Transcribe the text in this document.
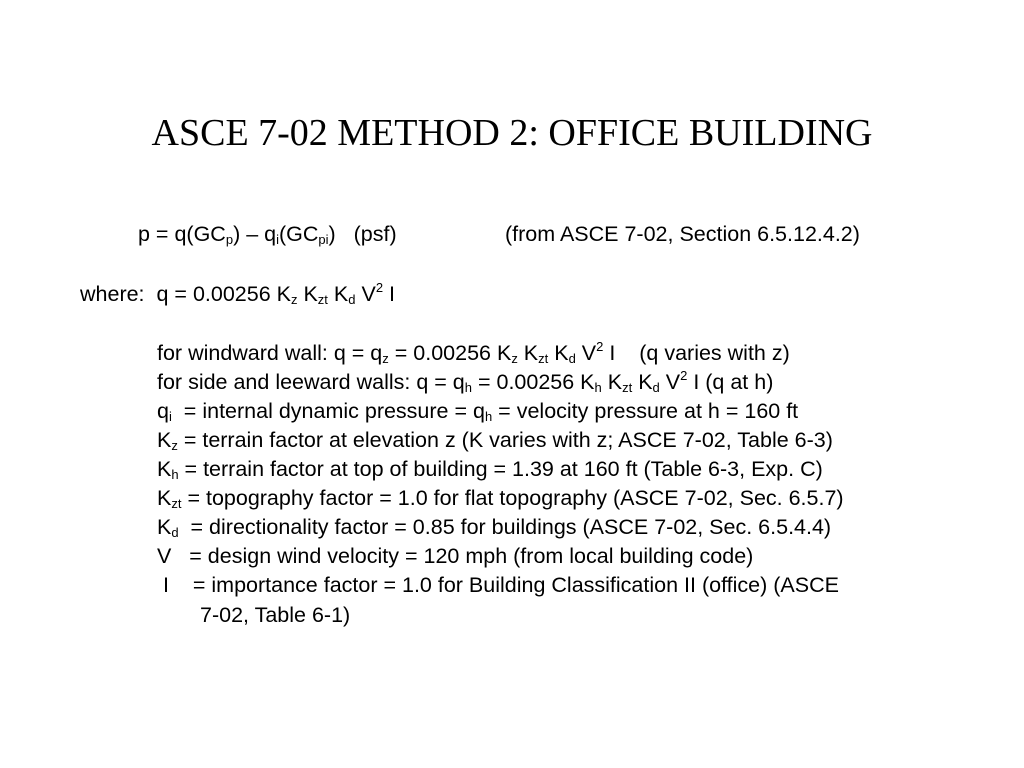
ASCE 7-02 METHOD 2: OFFICE BUILDING
$p = q(GC_p) - q_i(GC_{pi})$   (psf)	(from ASCE 7-02, Section 6.5.12.4.2)
where:  q = 0.00256 $K_z$ $K_{zt}$ $K_d$ $V^2$ I
for windward wall: $q = q_z = 0.00256$ $K_z$ $K_{zt}$ $K_d$ $V^2$ I    (q varies with z)
for side and leeward walls: $q = q_h = 0.00256$ $K_h$ $K_{zt}$ $K_d$ $V^2$ I (q at h)
$q_i$  = internal dynamic pressure = $q_h$ = velocity pressure at h = 160 ft
$K_z$ = terrain factor at elevation z (K varies with z; ASCE 7-02, Table 6-3)
$K_h$ = terrain factor at top of building = 1.39 at 160 ft (Table 6-3, Exp. C)
$K_{zt}$ = topography factor = 1.0 for flat topography (ASCE 7-02, Sec. 6.5.7)
$K_d$  = directionality factor = 0.85 for buildings (ASCE 7-02, Sec. 6.5.4.4)
V   = design wind velocity = 120 mph (from local building code)
I    = importance factor = 1.0 for Building Classification II (office) (ASCE
7-02, Table 6-1)
